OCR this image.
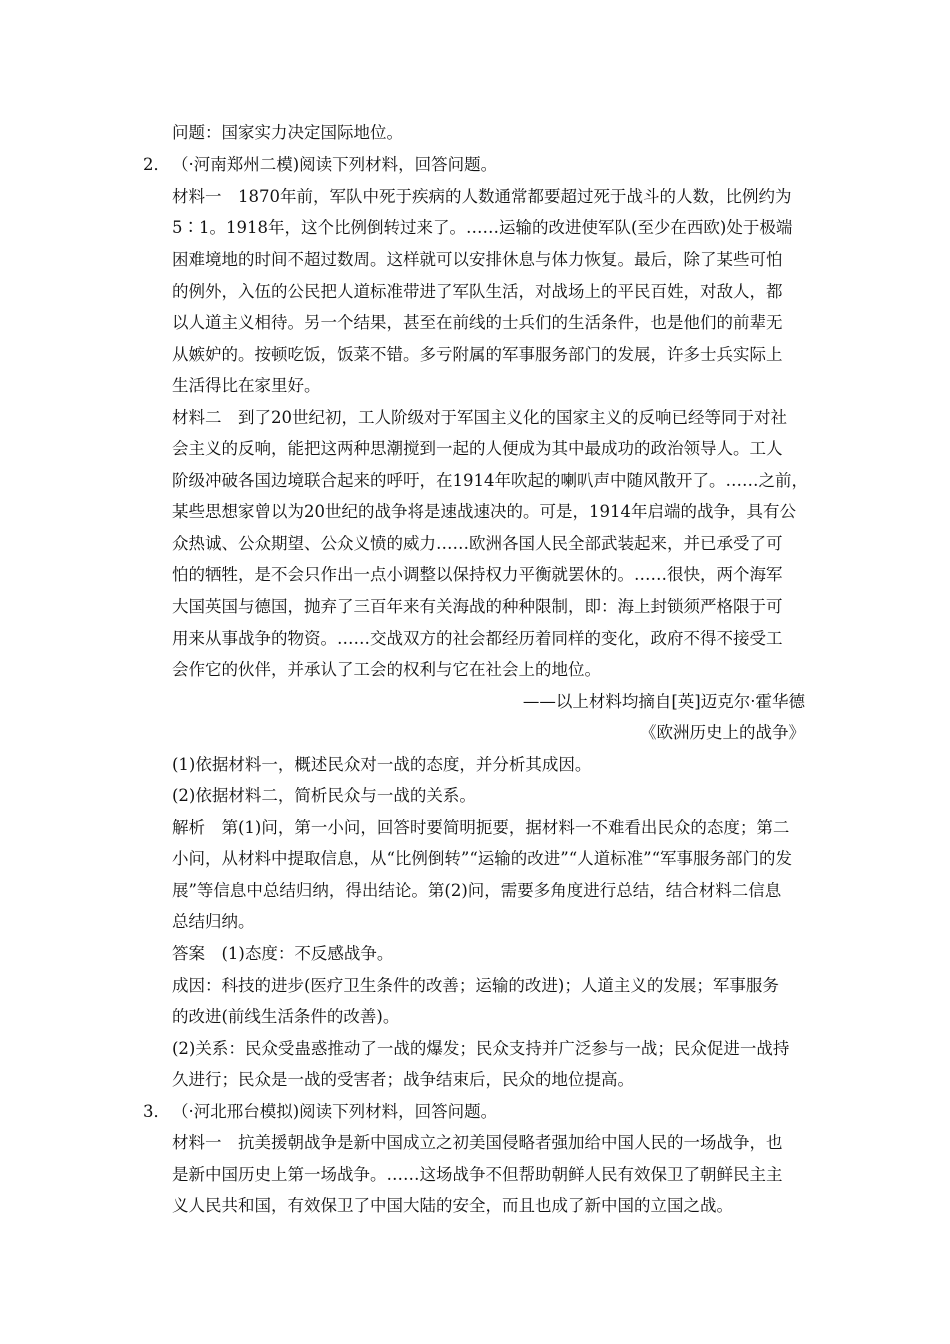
问题：国家实力决定国际地位。
2． （·河南郑州二模)阅读下列材料，回答问题。
材料一　1870年前，军队中死于疾病的人数通常都要超过死于战斗的人数，比例约为
5∶1。1918年，这个比例倒转过来了。……运输的改进使军队(至少在西欧)处于极端
困难境地的时间不超过数周。这样就可以安排休息与体力恢复。最后，除了某些可怕
的例外，入伍的公民把人道标准带进了军队生活，对战场上的平民百姓，对敌人，都
以人道主义相待。另一个结果，甚至在前线的士兵们的生活条件，也是他们的前辈无
从嫉妒的。按顿吃饭，饭菜不错。多亏附属的军事服务部门的发展，许多士兵实际上
生活得比在家里好。
材料二　到了20世纪初，工人阶级对于军国主义化的国家主义的反响已经等同于对社
会主义的反响，能把这两种思潮搅到一起的人便成为其中最成功的政治领导人。工人
阶级冲破各国边境联合起来的呼吁，在1914年吹起的喇叭声中随风散开了。……之前，
某些思想家曾以为20世纪的战争将是速战速决的。可是，1914年启端的战争，具有公
众热诚、公众期望、公众义愤的威力……欧洲各国人民全部武装起来，并已承受了可
怕的牺牲，是不会只作出一点小调整以保持权力平衡就罢休的。……很快，两个海军
大国英国与德国，抛弃了三百年来有关海战的种种限制，即：海上封锁须严格限于可
用来从事战争的物资。……交战双方的社会都经历着同样的变化，政府不得不接受工
会作它的伙伴，并承认了工会的权利与它在社会上的地位。
——以上材料均摘自[英]迈克尔·霍华德
《欧洲历史上的战争》
(1)依据材料一，概述民众对一战的态度，并分析其成因。
(2)依据材料二，简析民众与一战的关系。
解析　第(1)问，第一小问，回答时要简明扼要，据材料一不难看出民众的态度；第二
小问，从材料中提取信息，从“比例倒转”“运输的改进”“人道标准”“军事服务部门的发
展”等信息中总结归纳，得出结论。第(2)问，需要多角度进行总结，结合材料二信息
总结归纳。
答案　(1)态度：不反感战争。
成因：科技的进步(医疗卫生条件的改善；运输的改进)；人道主义的发展；军事服务
的改进(前线生活条件的改善)。
(2)关系：民众受蛊惑推动了一战的爆发；民众支持并广泛参与一战；民众促进一战持
久进行；民众是一战的受害者；战争结束后，民众的地位提高。
3． （·河北邢台模拟)阅读下列材料，回答问题。
材料一　抗美援朝战争是新中国成立之初美国侵略者强加给中国人民的一场战争，也
是新中国历史上第一场战争。……这场战争不但帮助朝鲜人民有效保卫了朝鲜民主主
义人民共和国，有效保卫了中国大陆的安全，而且也成了新中国的立国之战。
